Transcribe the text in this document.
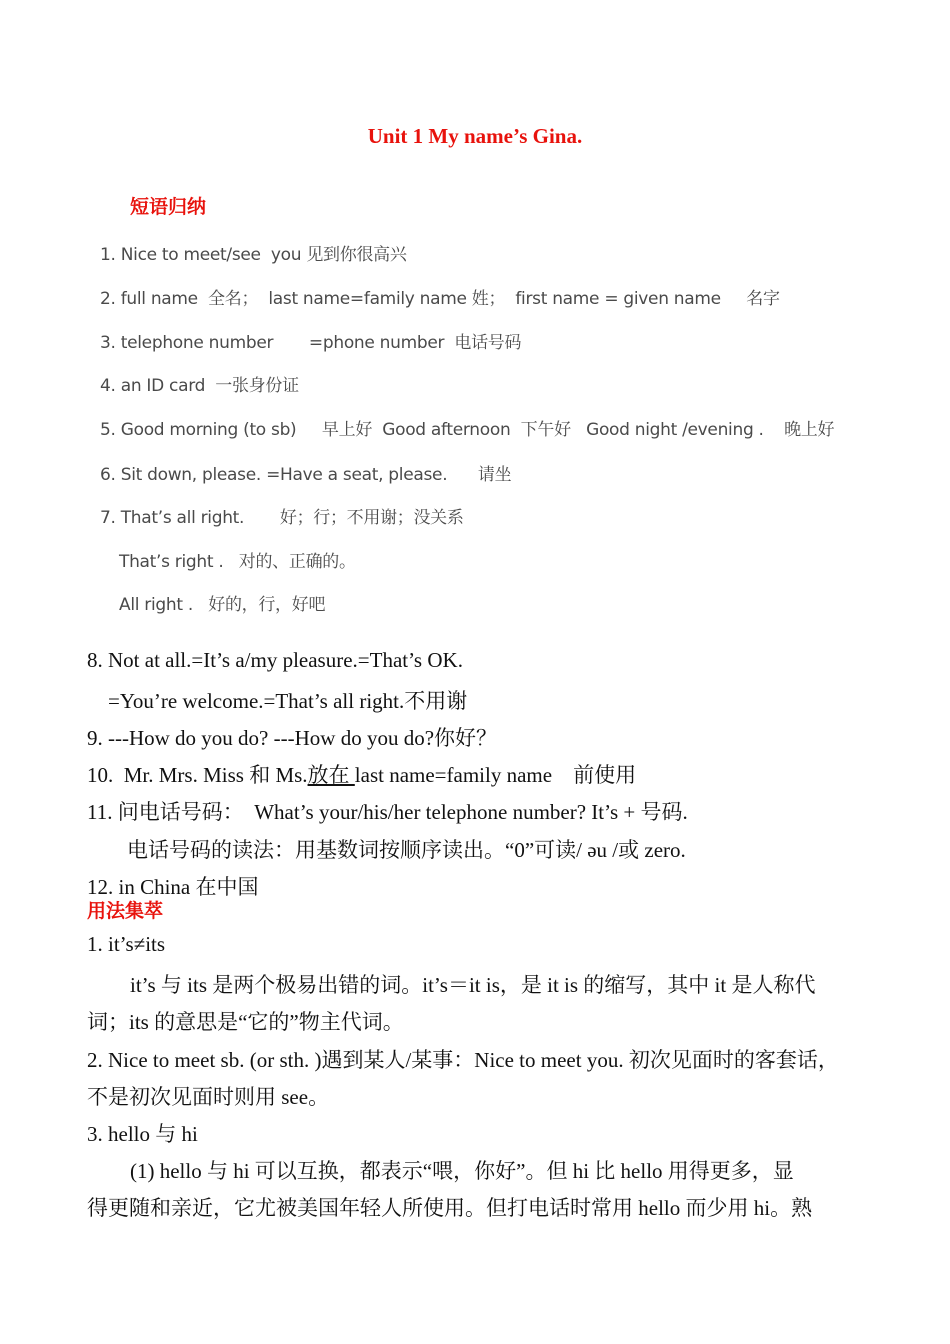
Unit 1 My name’s Gina.
短语归纳
1. Nice to meet/see  you 见到你很高兴
2. full name  全名；  last name=family name 姓；  first name = given name     名字
3. telephone number       =phone number  电话号码
4. an ID card  一张身份证
5. Good morning (to sb)     早上好  Good afternoon  下午好   Good night /evening .    晚上好
6. Sit down, please. =Have a seat, please.      请坐
7. That’s all right.       好；行；不用谢；没关系
That’s right .   对的、正确的。
All right .   好的，行，好吧
8. Not at all.=It’s a/my pleasure.=That’s OK.
=You’re welcome.=That’s all right.不用谢
9. ---How do you do? ---How do you do?你好？
10.  Mr. Mrs. Miss 和 Ms.放在 last name=family name    前使用
11. 问电话号码：  What’s your/his/her telephone number? It’s + 号码.
电话号码的读法：用基数词按顺序读出。“0”可读/ əu /或 zero.
12. in China 在中国
用法集萃
1. it’s≠its
it’s 与 its 是两个极易出错的词。it’s＝it is，是 it is 的缩写，其中 it 是人称代
词；its 的意思是“它的”物主代词。
2. Nice to meet sb. (or sth. )遇到某人/某事：Nice to meet you. 初次见面时的客套话，
不是初次见面时则用 see。
3. hello 与 hi
(1) hello 与 hi 可以互换，都表示“喂，你好”。但 hi 比 hello 用得更多，显
得更随和亲近，它尤被美国年轻人所使用。但打电话时常用 hello 而少用 hi。熟
